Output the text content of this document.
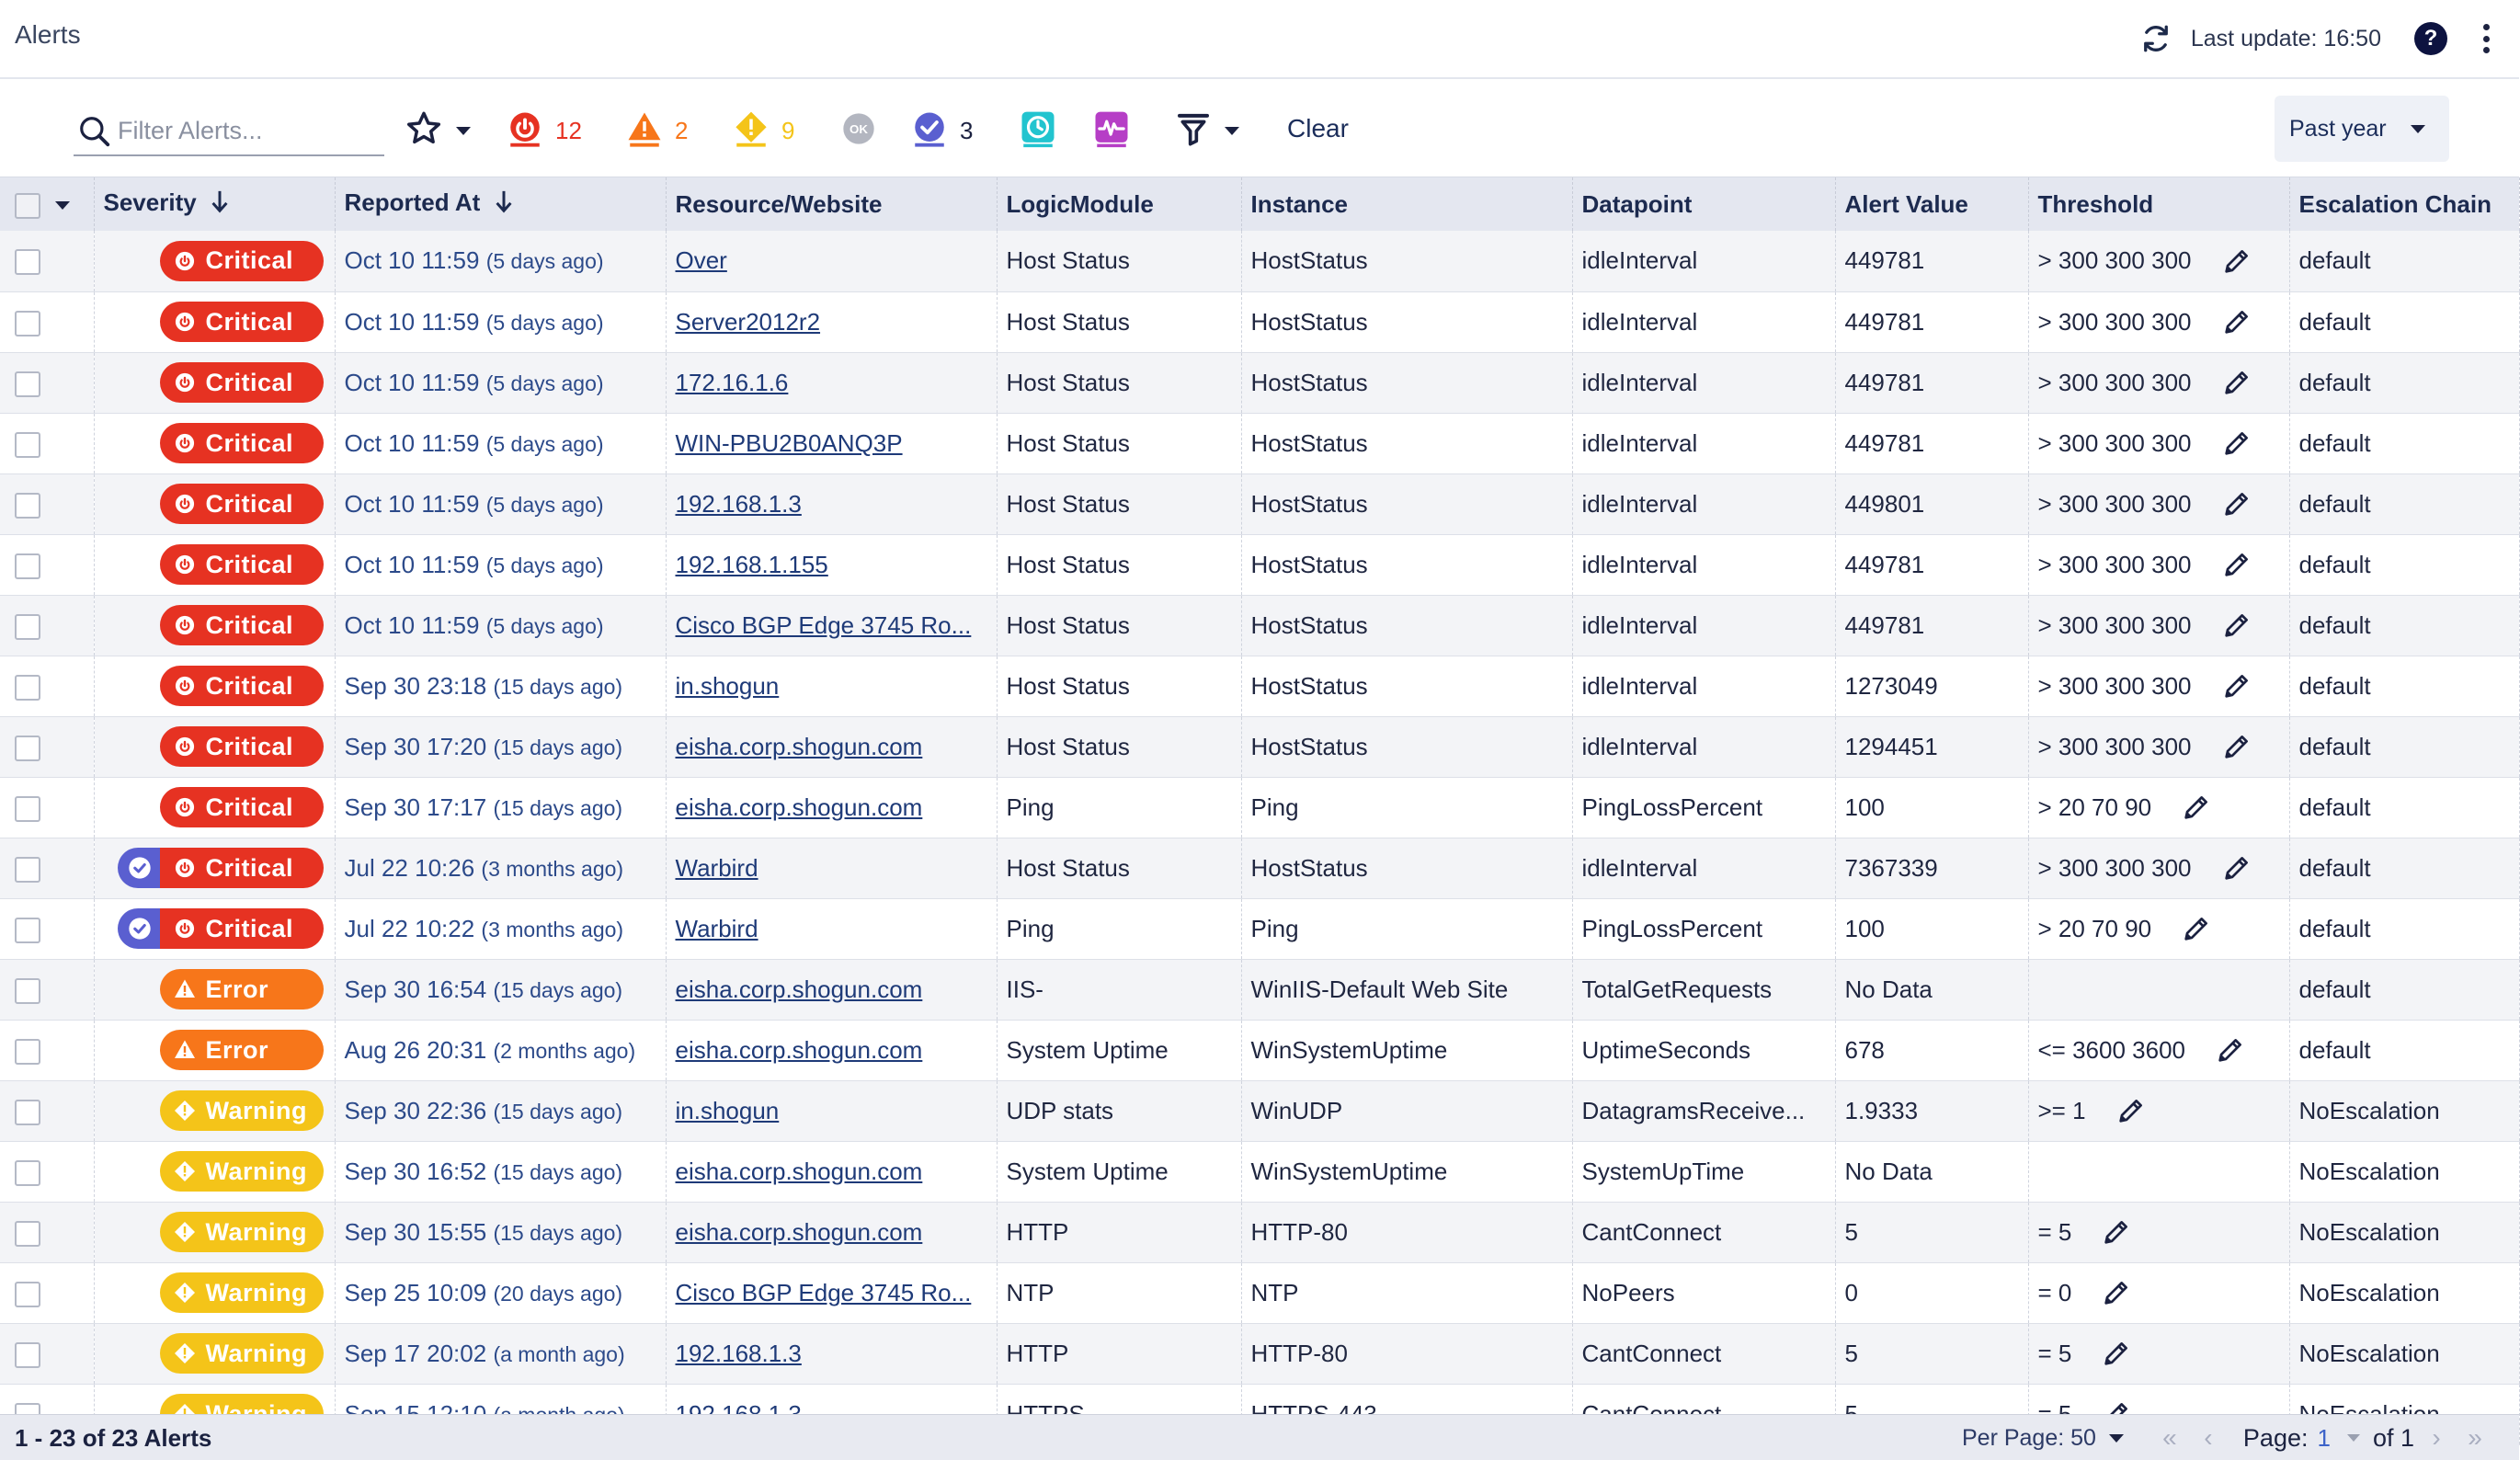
Alerts	Last update: 16:50	?
Filter Alerts...
12	2	9	OK	3	Clear	Past year
	Severity	Reported At	Resource/Website	LogicModule	Instance	Datapoint	Alert Value	Threshold	Escalation Chain

	Critical	Oct 10 11:59 (5 days ago)	Over	Host Status	HostStatus	idleInterval	449781	> 300 300 300	default

	Critical	Oct 10 11:59 (5 days ago)	Server2012r2	Host Status	HostStatus	idleInterval	449781	> 300 300 300	default

	Critical	Oct 10 11:59 (5 days ago)	172.16.1.6	Host Status	HostStatus	idleInterval	449781	> 300 300 300	default

	Critical	Oct 10 11:59 (5 days ago)	WIN-PBU2B0ANQ3P	Host Status	HostStatus	idleInterval	449781	> 300 300 300	default

	Critical	Oct 10 11:59 (5 days ago)	192.168.1.3	Host Status	HostStatus	idleInterval	449801	> 300 300 300	default

	Critical	Oct 10 11:59 (5 days ago)	192.168.1.155	Host Status	HostStatus	idleInterval	449781	> 300 300 300	default

	Critical	Oct 10 11:59 (5 days ago)	Cisco BGP Edge 3745 Ro...	Host Status	HostStatus	idleInterval	449781	> 300 300 300	default

	Critical	Sep 30 23:18 (15 days ago)	in.shogun	Host Status	HostStatus	idleInterval	1273049	> 300 300 300	default

	Critical	Sep 30 17:20 (15 days ago)	eisha.corp.shogun.com	Host Status	HostStatus	idleInterval	1294451	> 300 300 300	default

	Critical	Sep 30 17:17 (15 days ago)	eisha.corp.shogun.com	Ping	Ping	PingLossPercent	100	> 20 70 90	default

	Critical	Jul 22 10:26 (3 months ago)	Warbird	Host Status	HostStatus	idleInterval	7367339	> 300 300 300	default

	Critical	Jul 22 10:22 (3 months ago)	Warbird	Ping	Ping	PingLossPercent	100	> 20 70 90	default

	Error	Sep 30 16:54 (15 days ago)	eisha.corp.shogun.com	IIS-	WinIIS-Default Web Site	TotalGetRequests	No Data		default

	Error	Aug 26 20:31 (2 months ago)	eisha.corp.shogun.com	System Uptime	WinSystemUptime	UptimeSeconds	678	<= 3600 3600	default

	Warning	Sep 30 22:36 (15 days ago)	in.shogun	UDP stats	WinUDP	DatagramsReceive...	1.9333	>= 1	NoEscalation

	Warning	Sep 30 16:52 (15 days ago)	eisha.corp.shogun.com	System Uptime	WinSystemUptime	SystemUpTime	No Data		NoEscalation

	Warning	Sep 30 15:55 (15 days ago)	eisha.corp.shogun.com	HTTP	HTTP-80	CantConnect	5	= 5	NoEscalation

	Warning	Sep 25 10:09 (20 days ago)	Cisco BGP Edge 3745 Ro...	NTP	NTP	NoPeers	0	= 0	NoEscalation

	Warning	Sep 17 20:02 (a month ago)	192.168.1.3	HTTP	HTTP-80	CantConnect	5	= 5	NoEscalation

1 - 23 of 23 Alerts	Per Page: 50	«	‹	Page: 1 of 1 ›	»
